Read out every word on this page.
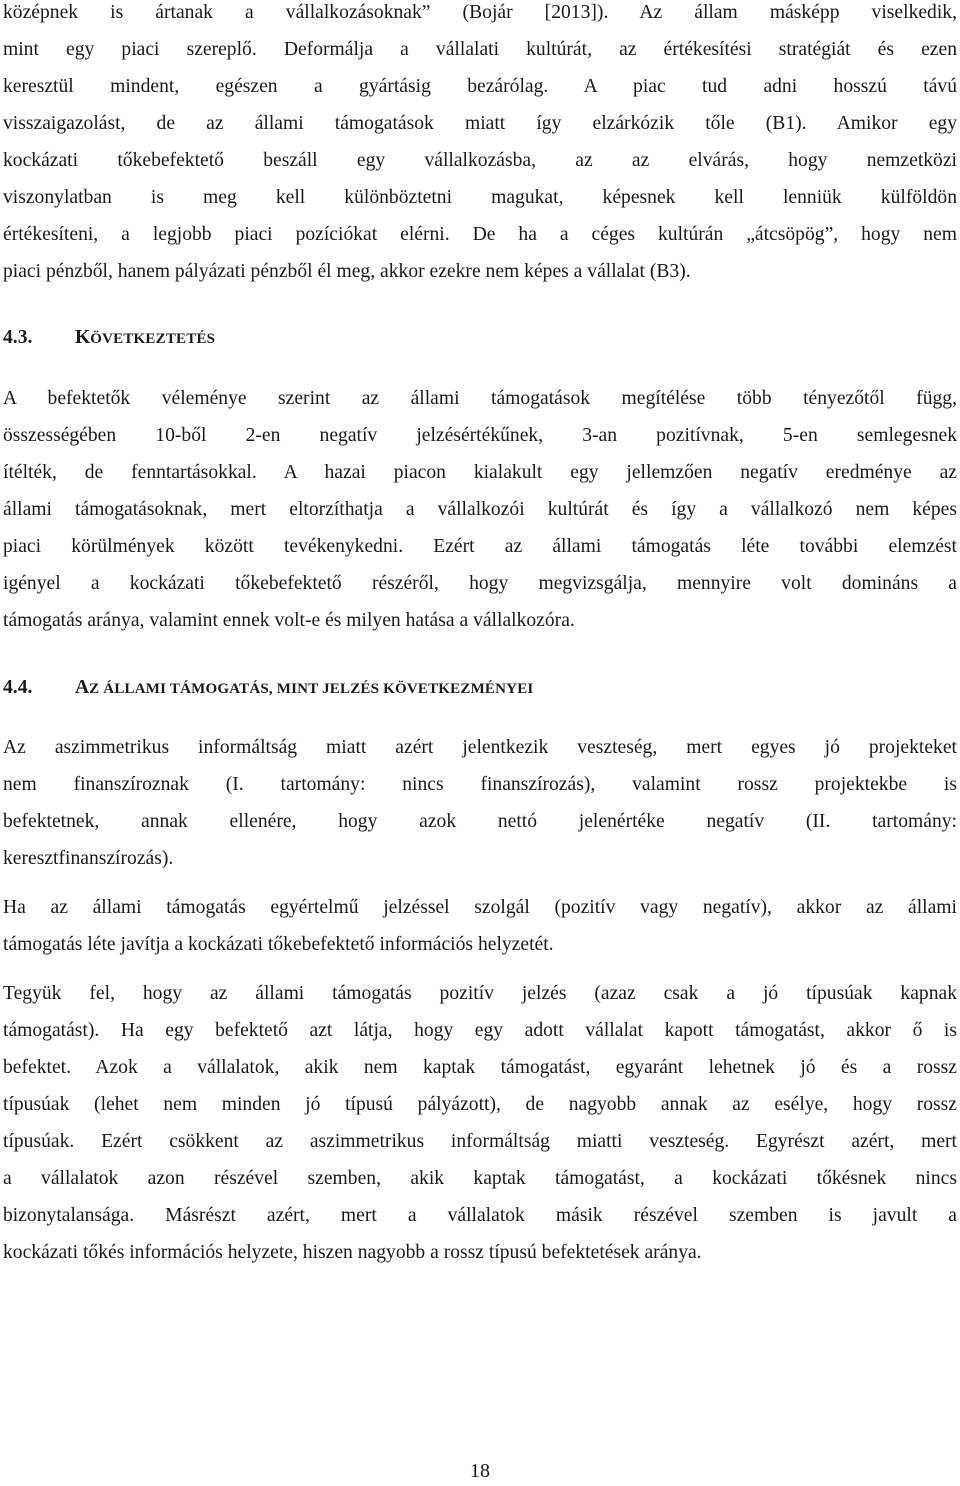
középnek is ártanak a vállalkozásoknak” (Bojár [2013]). Az állam másképp viselkedik,
mint egy piaci szereplő. Deformálja a vállalati kultúrát, az értékesítési stratégiát és ezen
keresztül mindent, egészen a gyártásig bezárólag. A piac tud adni hosszú távú
visszaigazolást, de az állami támogatások miatt így elzárkózik tőle (B1). Amikor egy
kockázati tőkebefektető beszáll egy vállalkozásba, az az elvárás, hogy nemzetközi
viszonylatban is meg kell különböztetni magukat, képesnek kell lenniük külföldön
értékesíteni, a legjobb piaci pozíciókat elérni. De ha a céges kultúrán „átcsöpög”, hogy nem
piaci pénzből, hanem pályázati pénzből él meg, akkor ezekre nem képes a vállalat (B3).
4.3. KÖVETKEZTETÉS
A befektetők véleménye szerint az állami támogatások megítélése több tényezőtől függ,
összességében 10-ből 2-en negatív jelzésértékűnek, 3-an pozitívnak, 5-en semlegesnek
ítélték, de fenntartásokkal. A hazai piacon kialakult egy jellemzően negatív eredménye az
állami támogatásoknak, mert eltorzíthatja a vállalkozói kultúrát és így a vállalkozó nem képes
piaci körülmények között tevékenykedni. Ezért az állami támogatás léte további elemzést
igényel a kockázati tőkebefektető részéről, hogy megvizsgálja, mennyire volt domináns a
támogatás aránya, valamint ennek volt-e és milyen hatása a vállalkozóra.
4.4. AZ ÁLLAMI TÁMOGATÁS, MINT JELZÉS KÖVETKEZMÉNYEI
Az aszimmetrikus informáltság miatt azért jelentkezik veszteség, mert egyes jó projekteket
nem finanszíroznak (I. tartomány: nincs finanszírozás), valamint rossz projektekbe is
befektetnek, annak ellenére, hogy azok nettó jelenértéke negatív (II. tartomány:
keresztfinanszírozás).
Ha az állami támogatás egyértelmű jelzéssel szolgál (pozitív vagy negatív), akkor az állami
támogatás léte javítja a kockázati tőkebefektető információs helyzetét.
Tegyük fel, hogy az állami támogatás pozitív jelzés (azaz csak a jó típusúak kapnak
támogatást). Ha egy befektető azt látja, hogy egy adott vállalat kapott támogatást, akkor ő is
befektet. Azok a vállalatok, akik nem kaptak támogatást, egyaránt lehetnek jó és a rossz
típusúak (lehet nem minden jó típusú pályázott), de nagyobb annak az esélye, hogy rossz
típusúak. Ezért csökkent az aszimmetrikus informáltság miatti veszteség. Egyrészt azért, mert
a vállalatok azon részével szemben, akik kaptak támogatást, a kockázati tőkésnek nincs
bizonytalansága. Másrészt azért, mert a vállalatok másik részével szemben is javult a
kockázati tőkés információs helyzete, hiszen nagyobb a rossz típusú befektetések aránya.
18
